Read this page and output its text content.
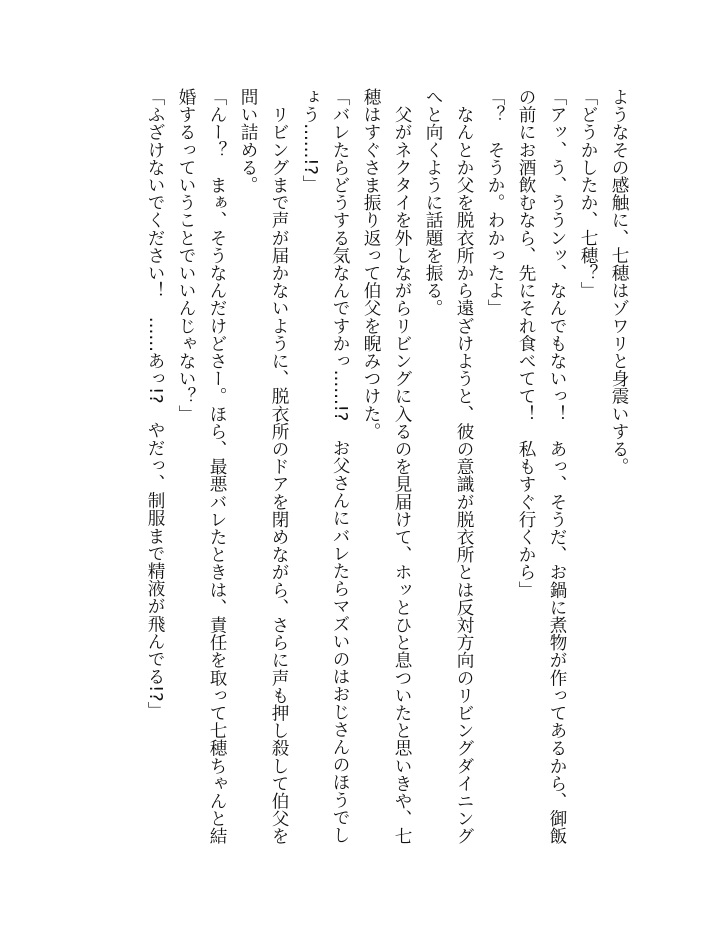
ようなその感触に、七穂はゾワリと身震いする。
「どうかしたか、七穂？」
「アッ、う、ううンッ、なんでもないっ！　あっ、そうだ、お鍋に煮物が作ってあるから、御飯
の前にお酒飲むなら、先にそれ食べてて！　私もすぐ行くから」
「？　そうか。わかったよ」
　なんとか父を脱衣所から遠ざけようと、彼の意識が脱衣所とは反対方向のリビングダイニング
へと向くように話題を振る。
　父がネクタイを外しながらリビングに入るのを見届けて、ホッとひと息ついたと思いきや、七
穂はすぐさま振り返って伯父を睨みつけた。
「バレたらどうする気なんですかっ……!?　お父さんにバレたらマズいのはおじさんのほうでし
ょう……!?」
　リビングまで声が届かないように、脱衣所のドアを閉めながら、さらに声も押し殺して伯父を
問い詰める。
「んー？　まぁ、そうなんだけどさー。ほら、最悪バレたときは、責任を取って七穂ちゃんと結
婚するっていうことでいいんじゃない？」
「ふざけないでください！　……あっ!?　やだっ、制服まで精液が飛んでる!?」
